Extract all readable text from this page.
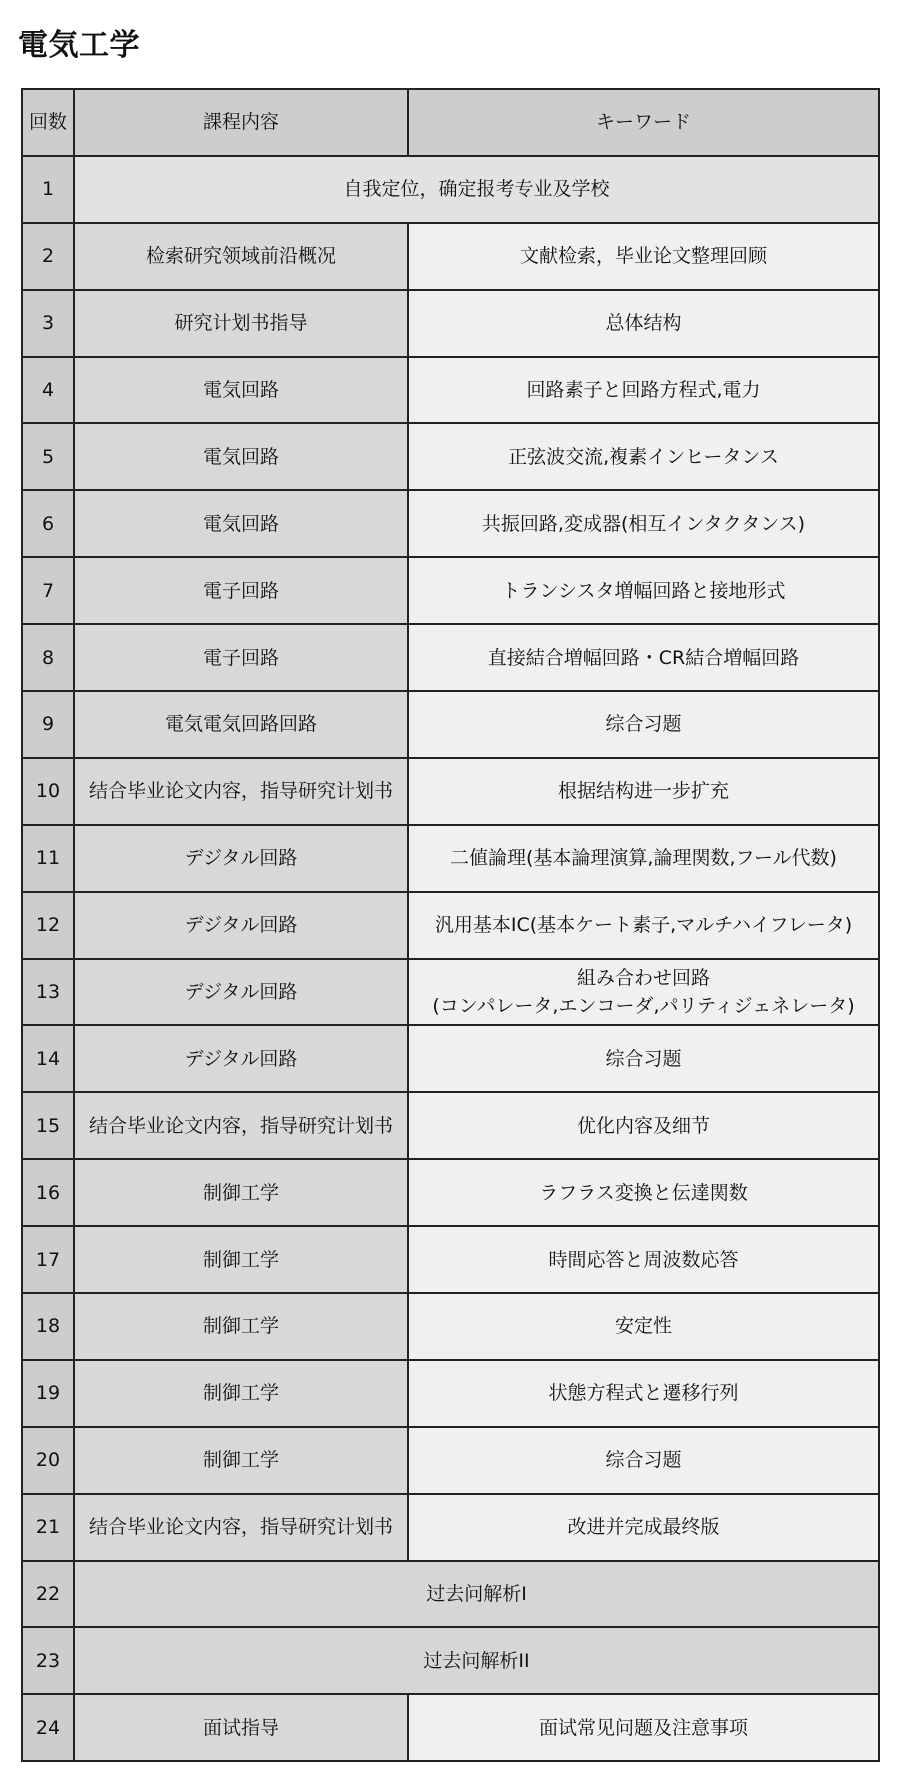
電気工学
回数	課程内容	キーワード
1	自我定位，确定报考专业及学校	
2	检索研究领域前沿概况	文献检索，毕业论文整理回顾
3	研究计划书指导	总体结构
4	電気回路	回路素子と回路方程式,電力
5	電気回路	正弦波交流,複素インヒータンス
6	電気回路	共振回路,変成器(相互インタクタンス)
7	電子回路	トランシスタ増幅回路と接地形式
8	電子回路	直接結合増幅回路・CR結合増幅回路
9	電気電気回路回路	综合习题
10	结合毕业论文内容，指导研究计划书	根据结构进一步扩充
11	デジタル回路	二値論理(基本論理演算,論理関数,フール代数)
12	デジタル回路	汎用基本IC(基本ケート素子,マルチハイフレータ)
13	デジタル回路	組み合わせ回路
(コンパレータ,エンコーダ,パリティジェネレータ)

14	デジタル回路	综合习题
15	结合毕业论文内容，指导研究计划书	优化内容及细节
16	制御工学	ラフラス変換と伝達関数
17	制御工学	時間応答と周波数応答
18	制御工学	安定性
19	制御工学	状態方程式と遷移行列
20	制御工学	综合习题
21	结合毕业论文内容，指导研究计划书	改进并完成最终版
22	过去问解析I	
23	过去问解析II	
24	面试指导	面试常见问题及注意事项
